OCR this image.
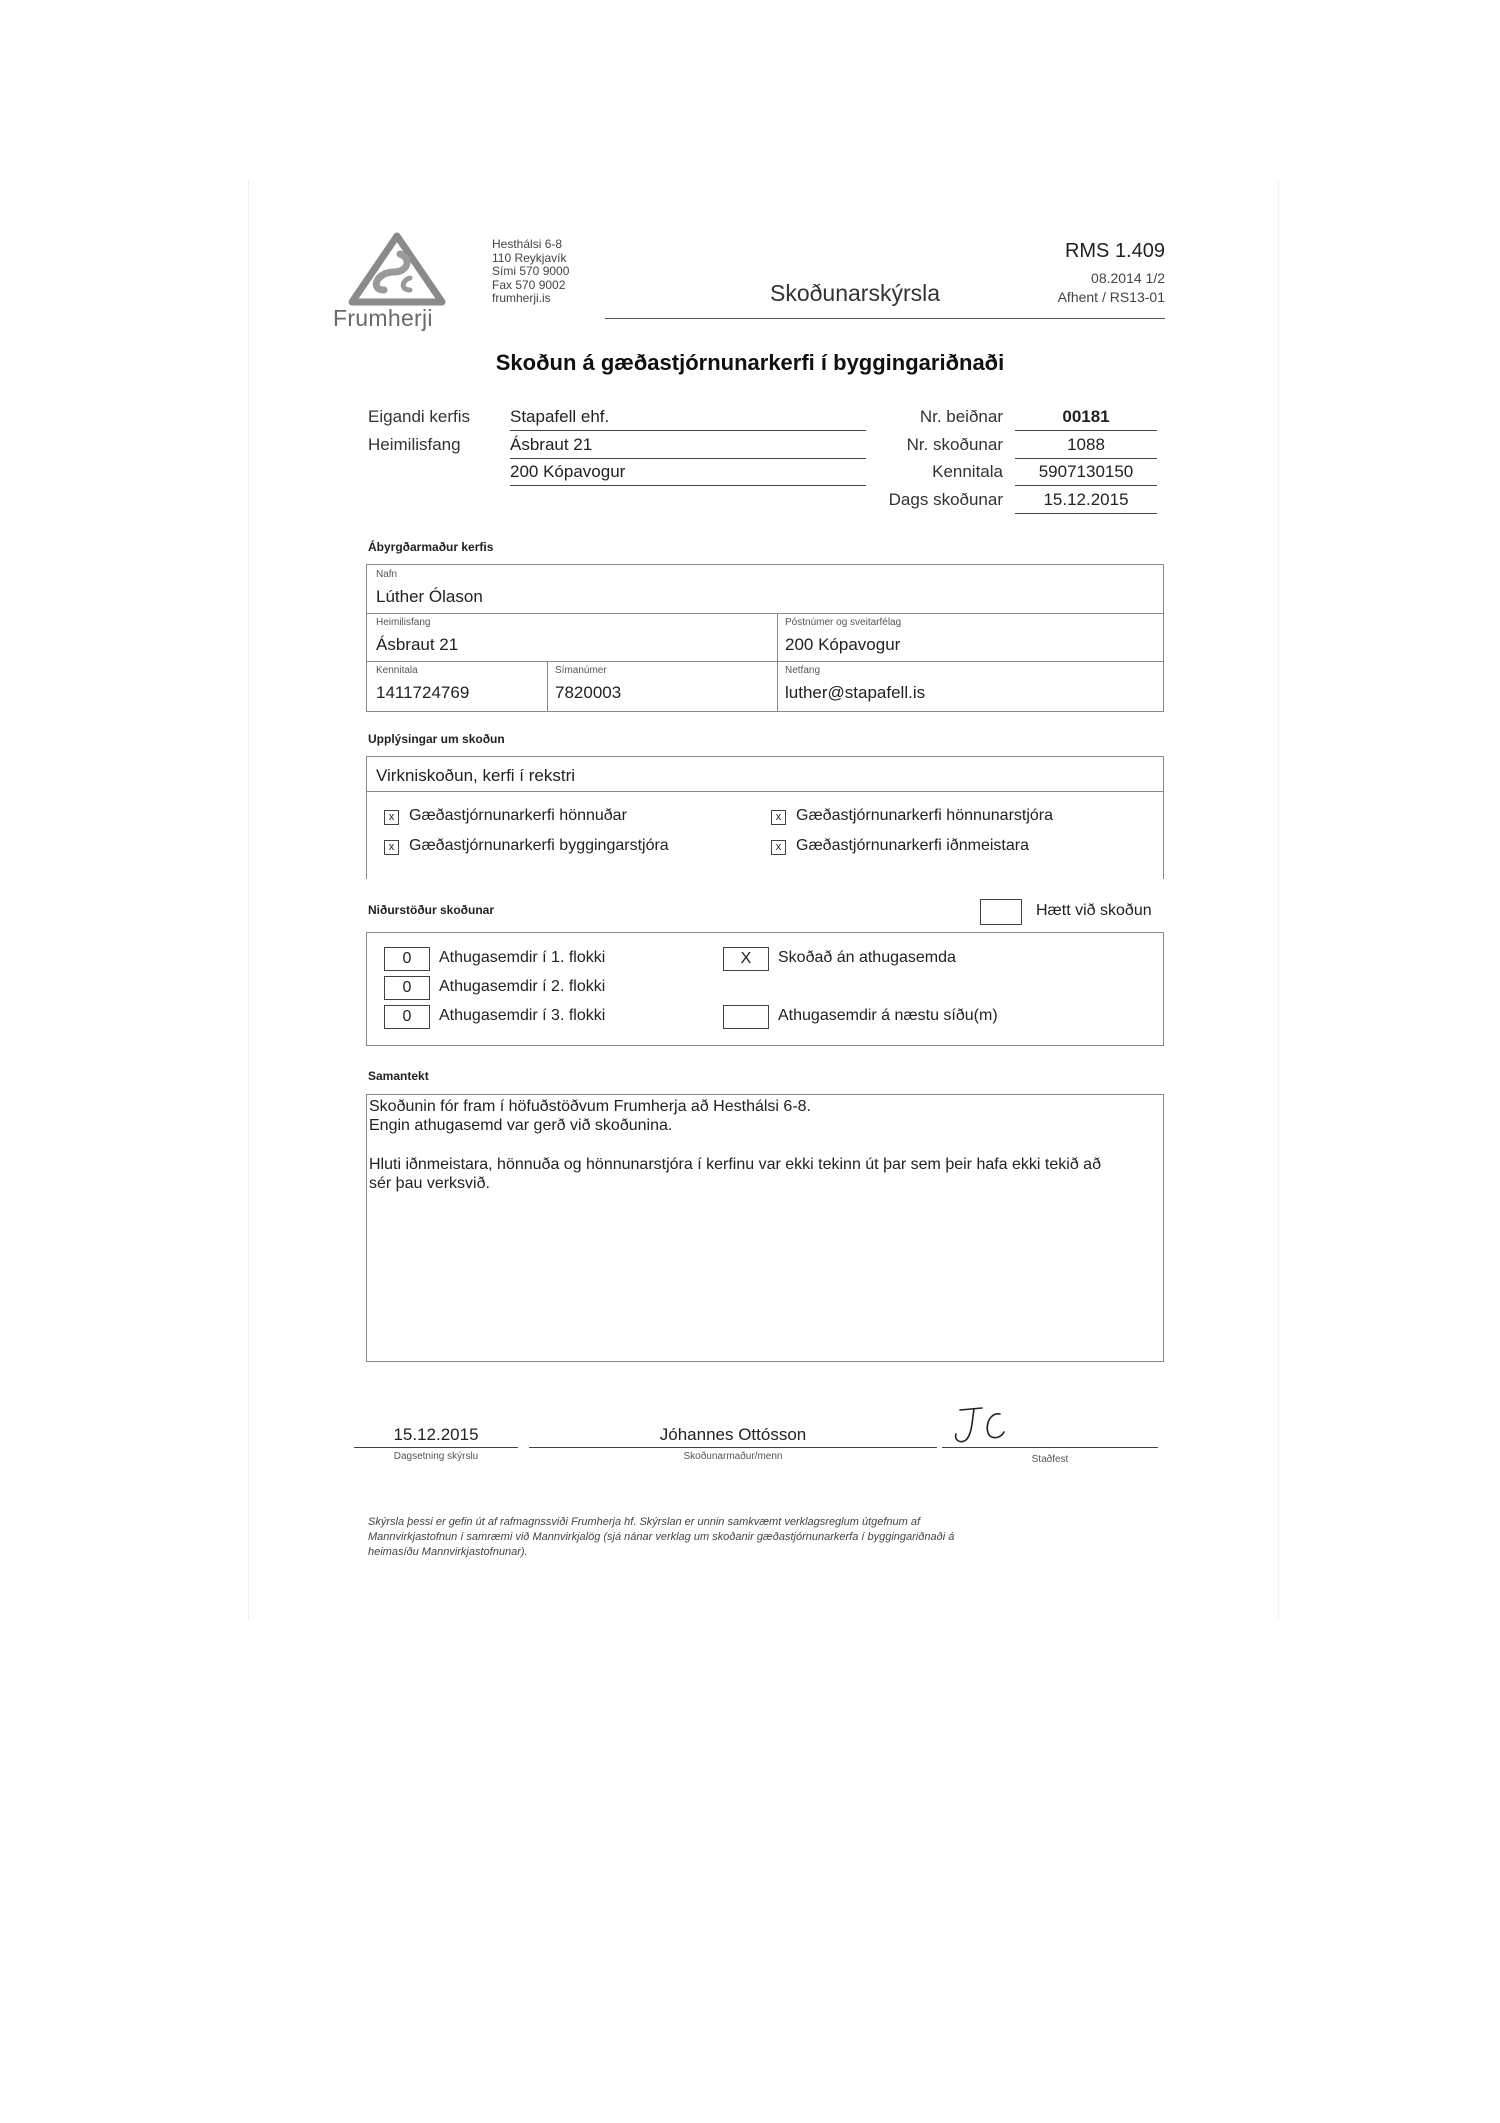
Frumherji
Hesthálsi 6-8
110 Reykjavík
Sími 570 9000
Fax 570 9002
frumherji.is	Skoðunarskýrsla
RMS 1.409
08.2014 1/2
Afhent / RS13-01
Skoðun á gæðastjórnunarkerfi í byggingariðnaði
Eigandi kerfis Stapafell ehf.
Heimilisfang	Ásbraut 21
200 Kópavogur
Nr. beiðnar	00181
Nr. skoðunar	1088
Kennitala	5907130150
Dags skoðunar	15.12.2015
Ábyrgðarmaður kerfis
Nafn
Lúther Ólason
Heimilisfang
Ásbraut 21
Póstnúmer og sveitarfélag
200 Kópavogur
Kennitala
1411724769
Símanúmer
7820003
Netfang
luther@stapafell.is
Upplýsingar um skoðun
Virkniskoðun, kerfi í rekstri
x Gæðastjórnunarkerfi hönnuðar	x Gæðastjórnunarkerfi hönnunarstjóra
x Gæðastjórnunarkerfi byggingarstjóra	x Gæðastjórnunarkerfi iðnmeistara
Niðurstöður skoðunar	Hætt við skoðun
0	Athugasemdir í 1. flokki
0	Athugasemdir í 2. flokki
0	Athugasemdir í 3. flokki
X	Skoðað án athugasemda
Athugasemdir á næstu síðu(m)
Samantekt
Skoðunin fór fram í höfuðstöðvum Frumherja að Hesthálsi 6-8.
Engin athugasemd var gerð við skoðunina.
Hluti iðnmeistara, hönnuða og hönnunarstjóra í kerfinu var ekki tekinn út þar sem þeir hafa ekki tekið að
sér þau verksvið.
15.12.2015
Dagsetning skýrslu
Jóhannes Ottósson
Skoðunarmaður/menn	Staðfest
Skýrsla þessi er gefin út af rafmagnssviði Frumherja hf. Skýrslan er unnin samkvæmt verklagsreglum útgefnum af
Mannvirkjastofnun í samræmi við Mannvirkjalög (sjá nánar verklag um skoðanir gæðastjórnunarkerfa í byggingariðnaði á
heimasíðu Mannvirkjastofnunar).
